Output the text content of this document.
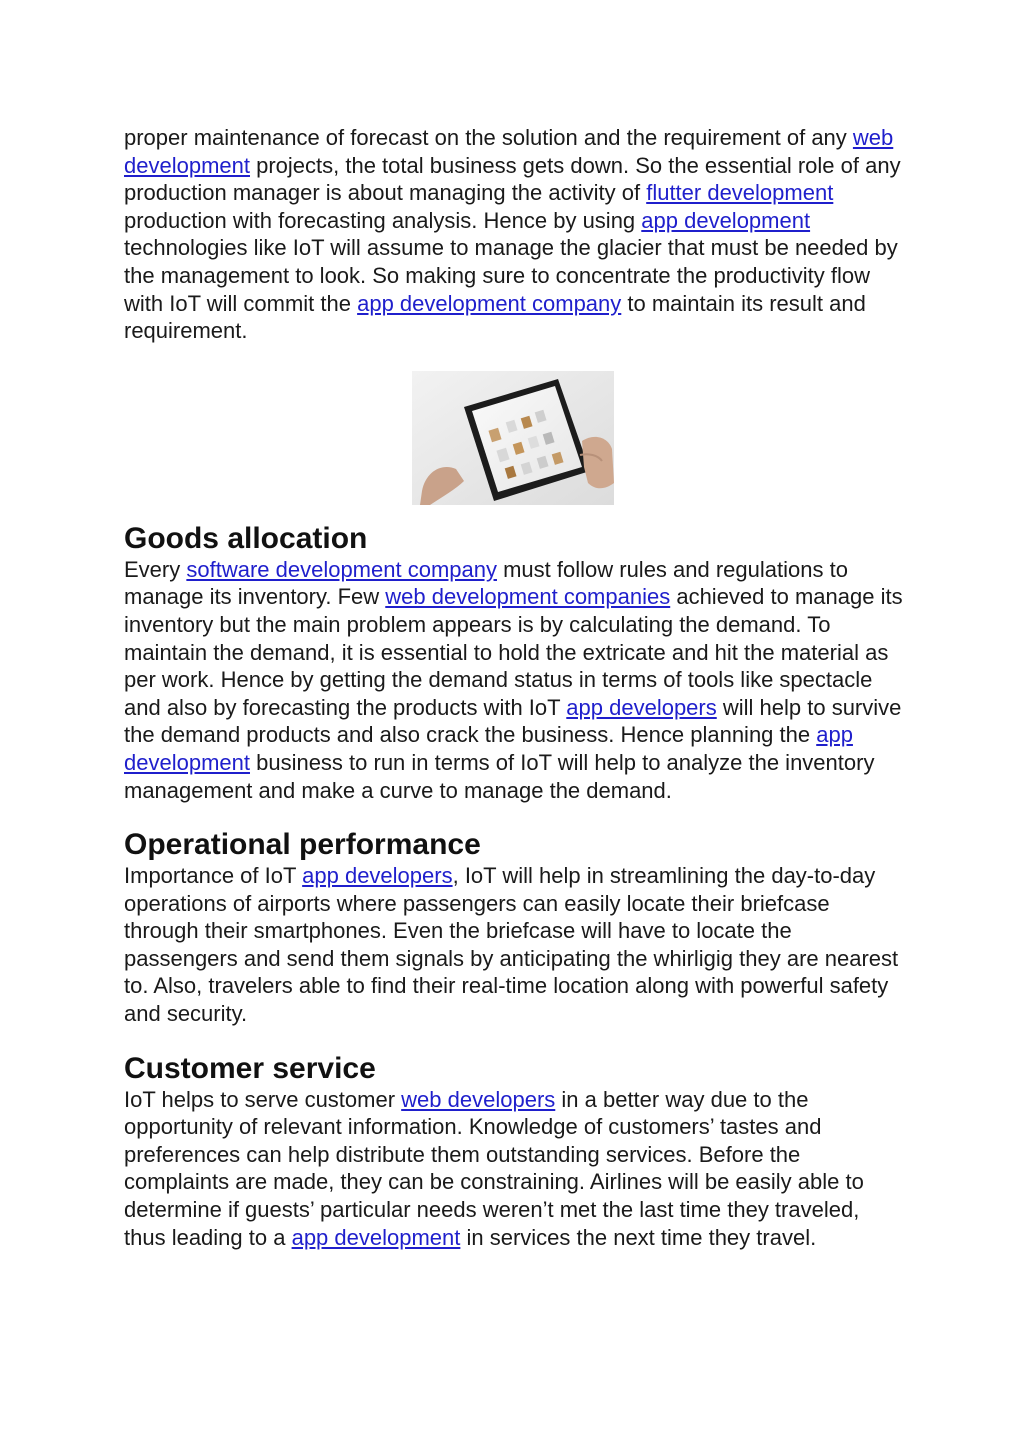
proper maintenance of forecast on the solution and the requirement of any web development projects, the total business gets down. So the essential role of any production manager is about managing the activity of flutter development production with forecasting analysis. Hence by using app development technologies like IoT will assume to manage the glacier that must be needed by the management to look. So making sure to concentrate the productivity flow with IoT will commit the app development company to maintain its result and requirement.

Goods allocation

Every software development company must follow rules and regulations to manage its inventory. Few web development companies achieved to manage its inventory but the main problem appears is by calculating the demand. To maintain the demand, it is essential to hold the extricate and hit the material as per work. Hence by getting the demand status in terms of tools like spectacle and also by forecasting the products with IoT app developers will help to survive the demand products and also crack the business. Hence planning the app development business to run in terms of IoT will help to analyze the inventory management and make a curve to manage the demand.

Operational performance

Importance of IoT app developers, IoT will help in streamlining the day-to-day operations of airports where passengers can easily locate their briefcase through their smartphones. Even the briefcase will have to locate the passengers and send them signals by anticipating the whirligig they are nearest to. Also, travelers able to find their real-time location along with powerful safety and security.

Customer service

IoT helps to serve customer web developers in a better way due to the opportunity of relevant information. Knowledge of customers’ tastes and preferences can help distribute them outstanding services. Before the complaints are made, they can be constraining. Airlines will be easily able to determine if guests’ particular needs weren’t met the last time they traveled, thus leading to a app development in services the next time they travel.
